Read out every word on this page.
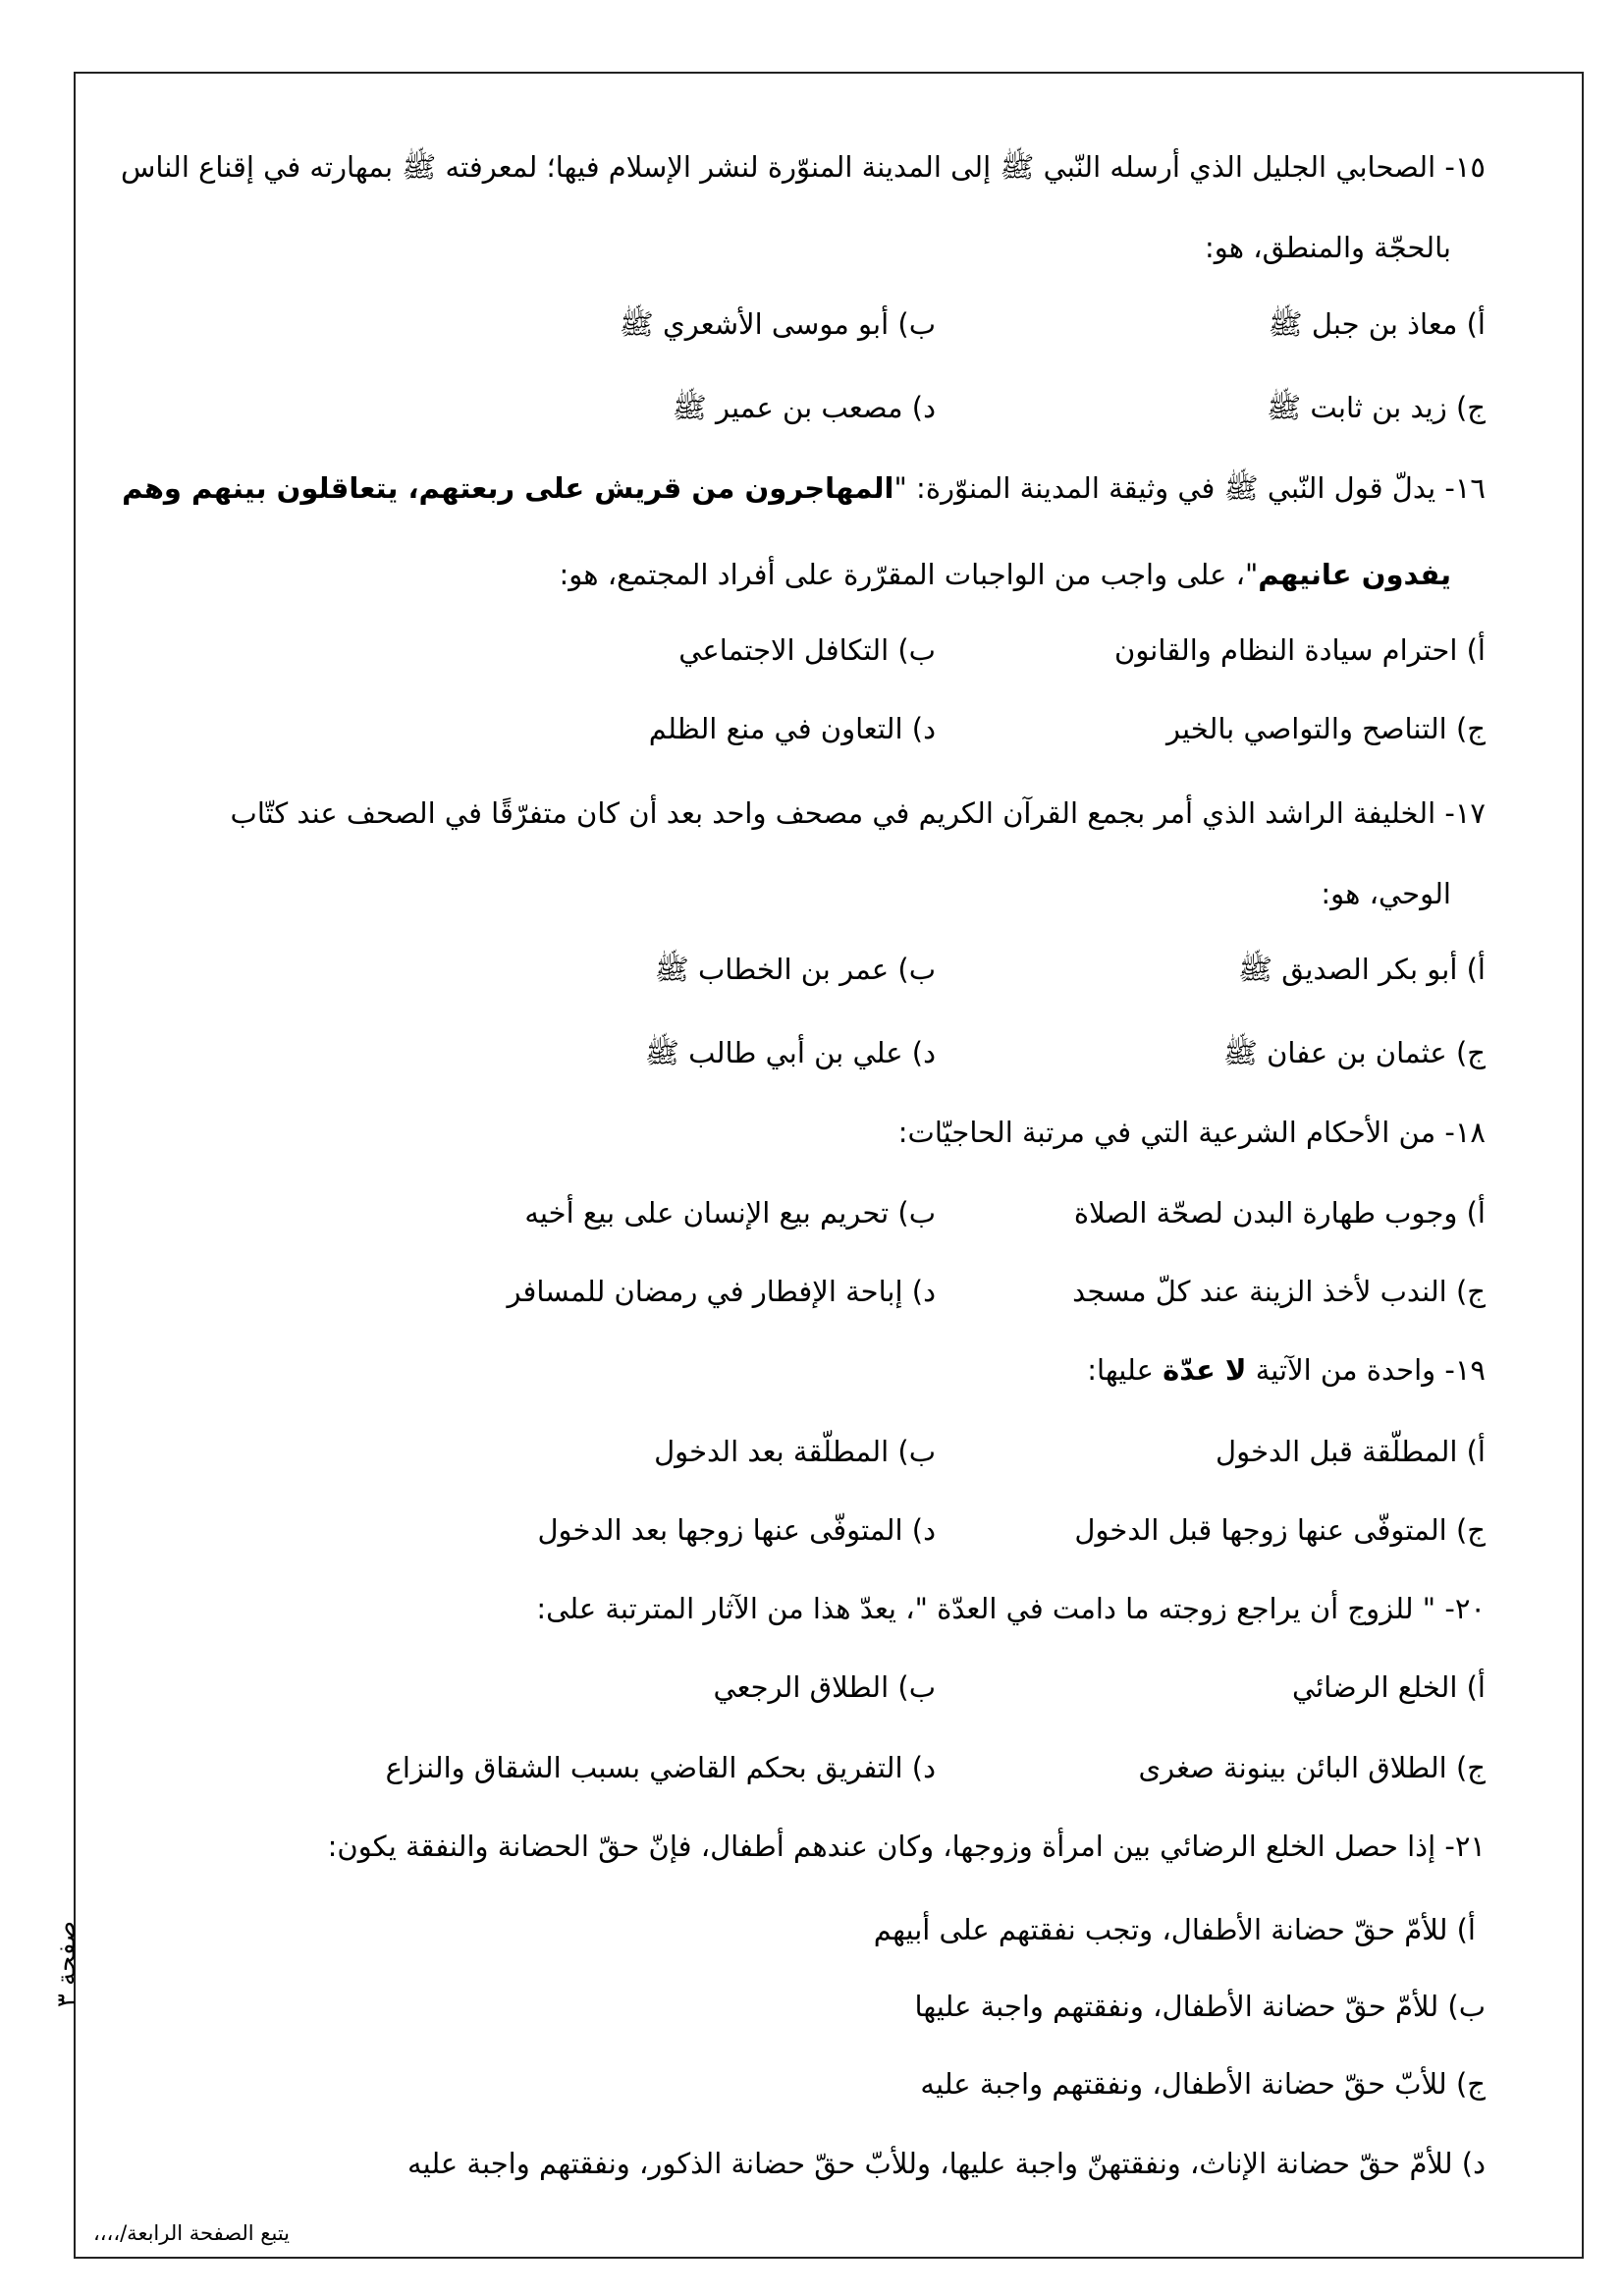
١٥- الصحابي الجليل الذي أرسله النّبي ﷺ إلى المدينة المنوّرة لنشر الإسلام فيها؛ لمعرفته ﷺ بمهارته في إقناع الناس
بالحجّة والمنطق، هو:
أ) معاذ بن جبل ﷺ
ب) أبو موسى الأشعري ﷺ
ج) زيد بن ثابت ﷺ
د) مصعب بن عمير ﷺ
١٦- يدلّ قول النّبي ﷺ في وثيقة المدينة المنوّرة: "المهاجرون من قريش على ربعتهم، يتعاقلون بينهم وهم
يفدون عانيهم"، على واجب من الواجبات المقرّرة على أفراد المجتمع، هو:
أ) احترام سيادة النظام والقانون
ب) التكافل الاجتماعي
ج) التناصح والتواصي بالخير
د) التعاون في منع الظلم
١٧- الخليفة الراشد الذي أمر بجمع القرآن الكريم في مصحف واحد بعد أن كان متفرّقًا في الصحف عند كتّاب
الوحي، هو:
أ) أبو بكر الصديق ﷺ
ب) عمر بن الخطاب ﷺ
ج) عثمان بن عفان ﷺ
د) علي بن أبي طالب ﷺ
١٨- من الأحكام الشرعية التي في مرتبة الحاجيّات:
أ) وجوب طهارة البدن لصحّة الصلاة
ب) تحريم بيع الإنسان على بيع أخيه
ج) الندب لأخذ الزينة عند كلّ مسجد
د) إباحة الإفطار في رمضان للمسافر
١٩- واحدة من الآتية لا عدّة عليها:
أ) المطلّقة قبل الدخول
ب) المطلّقة بعد الدخول
ج) المتوفّى عنها زوجها قبل الدخول
د) المتوفّى عنها زوجها بعد الدخول
٢٠- " للزوج أن يراجع زوجته ما دامت في العدّة "، يعدّ هذا من الآثار المترتبة على:
أ) الخلع الرضائي
ب) الطلاق الرجعي
ج) الطلاق البائن بينونة صغرى
د) التفريق بحكم القاضي بسبب الشقاق والنزاع
٢١- إذا حصل الخلع الرضائي بين امرأة وزوجها، وكان عندهم أطفال، فإنّ حقّ الحضانة والنفقة يكون:
أ) للأمّ حقّ حضانة الأطفال، وتجب نفقتهم على أبيهم
ب) للأمّ حقّ حضانة الأطفال، ونفقتهم واجبة عليها
ج) للأبّ حقّ حضانة الأطفال، ونفقتهم واجبة عليه
د) للأمّ حقّ حضانة الإناث، ونفقتهنّ واجبة عليها، وللأبّ حقّ حضانة الذكور، ونفقتهم واجبة عليه
صفحة ٣
يتبع الصفحة الرابعة/،،،،
